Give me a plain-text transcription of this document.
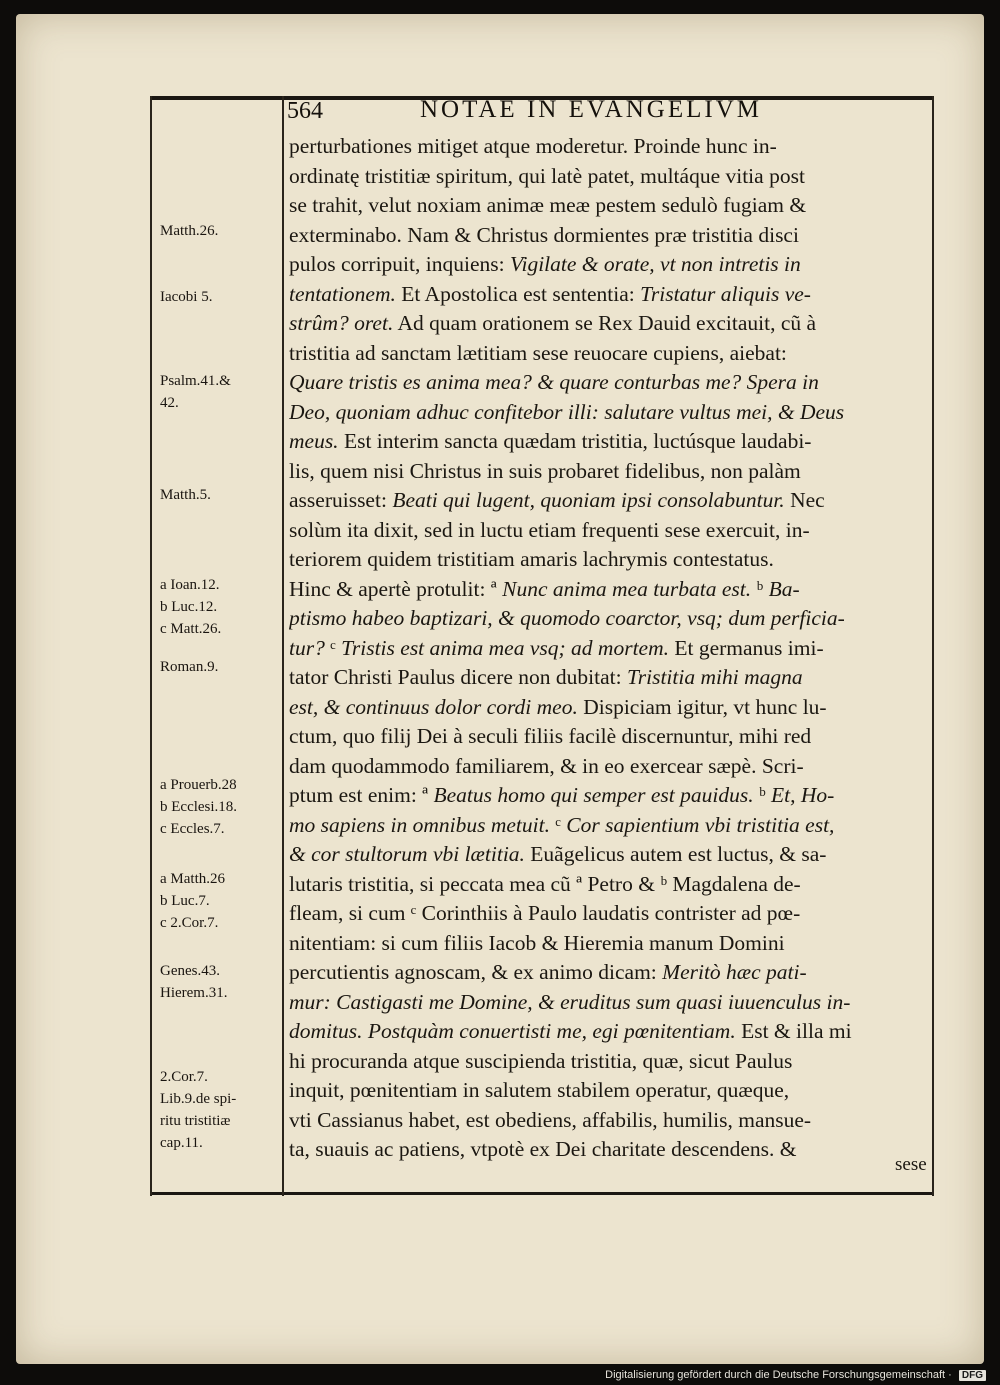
564	NOTAE IN EVANGELIVM
Matth.26.
Iacobi 5.
Psalm.41.&
42.
Matth.5.
a Ioan.12.
b Luc.12.
c Matt.26.
Roman.9.
a Prouerb.28
b Ecclesi.18.
c Eccles.7.
a Matth.26
b Luc.7.
c 2.Cor.7.
Genes.43.
Hierem.31.
2.Cor.7.
Lib.9.de spi-
ritu tristitiæ
cap.11.
perturbationes mitiget atque moderetur. Proinde hunc in-
ordinatę tristitiæ spiritum, qui latè patet, multáque vitia post
se trahit, velut noxiam animæ meæ pestem sedulò fugiam &
exterminabo. Nam & Christus dormientes præ tristitia disci
pulos corripuit, inquiens: Vigilate & orate, vt non intretis in
tentationem. Et Apostolica est sententia: Tristatur aliquis ve-
strûm? oret. Ad quam orationem se Rex Dauid excitauit, cũ à
tristitia ad sanctam lætitiam sese reuocare cupiens, aiebat:
Quare tristis es anima mea? & quare conturbas me? Spera in
Deo, quoniam adhuc confitebor illi: salutare vultus mei, & Deus
meus. Est interim sancta quædam tristitia, luctúsque laudabi-
lis, quem nisi Christus in suis probaret fidelibus, non palàm
asseruisset: Beati qui lugent, quoniam ipsi consolabuntur. Nec
solùm ita dixit, sed in luctu etiam frequenti sese exercuit, in-
teriorem quidem tristitiam amaris lachrymis contestatus.
Hinc & apertè protulit: ª Nunc anima mea turbata est. ᵇ Ba-
ptismo habeo baptizari, & quomodo coarctor, vsq; dum perficia-
tur? ᶜ Tristis est anima mea vsq; ad mortem. Et germanus imi-
tator Christi Paulus dicere non dubitat: Tristitia mihi magna
est, & continuus dolor cordi meo. Dispiciam igitur, vt hunc lu-
ctum, quo filij Dei à seculi filiis facilè discernuntur, mihi red
dam quodammodo familiarem, & in eo exercear sæpè. Scri-
ptum est enim: ª Beatus homo qui semper est pauidus. ᵇ Et, Ho-
mo sapiens in omnibus metuit. ᶜ Cor sapientium vbi tristitia est,
& cor stultorum vbi lætitia. Euãgelicus autem est luctus, & sa-
lutaris tristitia, si peccata mea cũ ª Petro & ᵇ Magdalena de-
fleam, si cum ᶜ Corinthiis à Paulo laudatis contrister ad pœ-
nitentiam: si cum filiis Iacob & Hieremia manum Domini
percutientis agnoscam, & ex animo dicam: Meritò hæc pati-
mur: Castigasti me Domine, & eruditus sum quasi iuuenculus in-
domitus. Postquàm conuertisti me, egi pœnitentiam. Est & illa mi
hi procuranda atque suscipienda tristitia, quæ, sicut Paulus
inquit, pœnitentiam in salutem stabilem operatur, quæque,
vti Cassianus habet, est obediens, affabilis, humilis, mansue-
ta, suauis ac patiens, vtpotè ex Dei charitate descendens. &
sese
Digitalisierung gefördert durch die Deutsche Forschungsgemeinschaft · DFG
